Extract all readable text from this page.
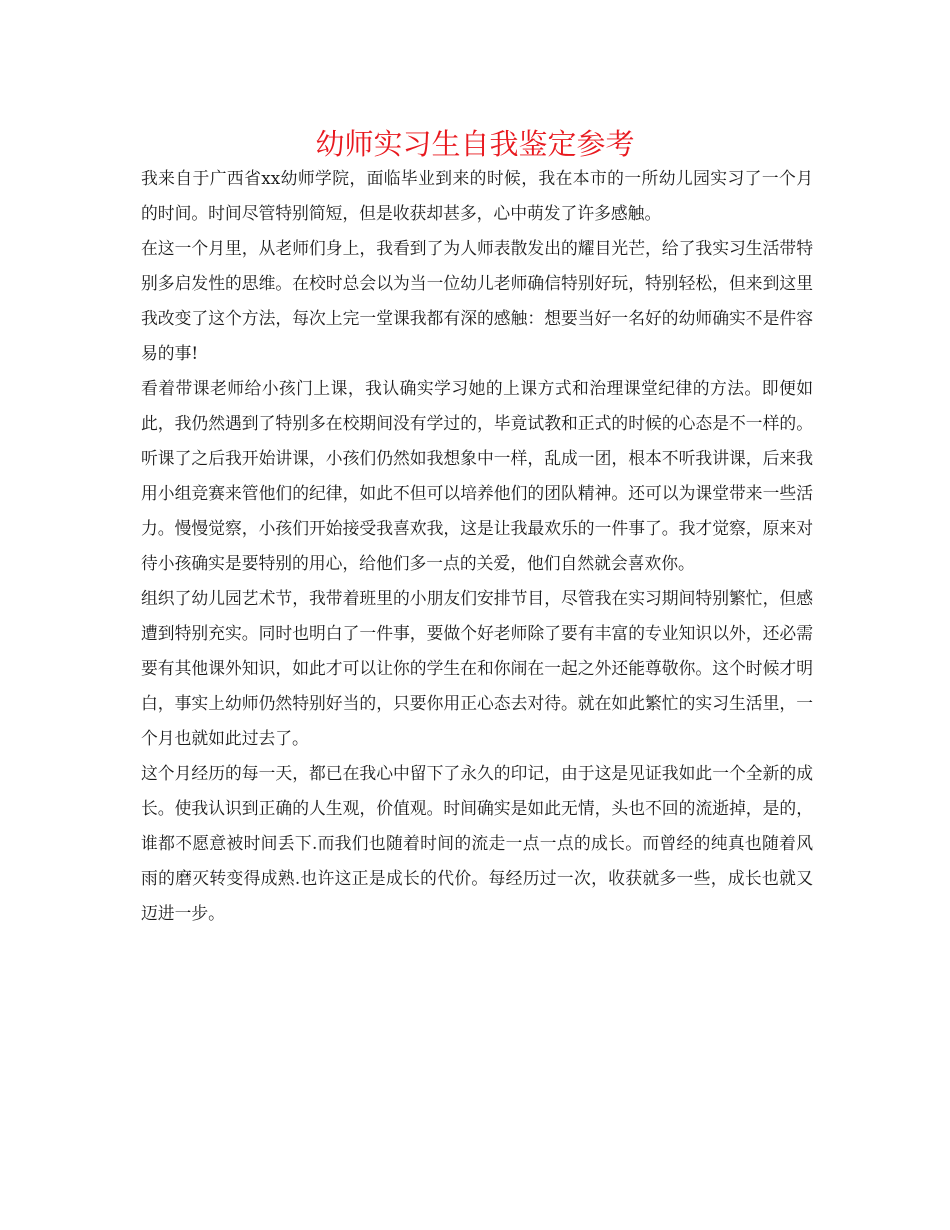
幼师实习生自我鉴定参考

我来自于广西省xx幼师学院，面临毕业到来的时候，我在本市的一所幼儿园实习了一个月的时间。时间尽管特别简短，但是收获却甚多，心中萌发了许多感触。

在这一个月里，从老师们身上，我看到了为人师表散发出的耀目光芒，给了我实习生活带特别多启发性的思维。在校时总会以为当一位幼儿老师确信特别好玩，特别轻松，但来到这里我改变了这个方法，每次上完一堂课我都有深的感触：想要当好一名好的幼师确实不是件容易的事!

看着带课老师给小孩门上课，我认确实学习她的上课方式和治理课堂纪律的方法。即便如此，我仍然遇到了特别多在校期间没有学过的，毕竟试教和正式的时候的心态是不一样的。听课了之后我开始讲课，小孩们仍然如我想象中一样，乱成一团，根本不听我讲课，后来我用小组竞赛来管他们的纪律，如此不但可以培养他们的团队精神。还可以为课堂带来一些活力。慢慢觉察，小孩们开始接受我喜欢我，这是让我最欢乐的一件事了。我才觉察，原来对待小孩确实是要特别的用心，给他们多一点的关爱，他们自然就会喜欢你。

组织了幼儿园艺术节，我带着班里的小朋友们安排节目，尽管我在实习期间特别繁忙，但感遭到特别充实。同时也明白了一件事，要做个好老师除了要有丰富的专业知识以外，还必需要有其他课外知识，如此才可以让你的学生在和你闹在一起之外还能尊敬你。这个时候才明白，事实上幼师仍然特别好当的，只要你用正心态去对待。就在如此繁忙的实习生活里，一个月也就如此过去了。

这个月经历的每一天，都已在我心中留下了永久的印记，由于这是见证我如此一个全新的成长。使我认识到正确的人生观，价值观。时间确实是如此无情，头也不回的流逝掉，是的，谁都不愿意被时间丢下.而我们也随着时间的流走一点一点的成长。而曾经的纯真也随着风雨的磨灭转变得成熟.也许这正是成长的代价。每经历过一次，收获就多一些，成长也就又迈进一步。
